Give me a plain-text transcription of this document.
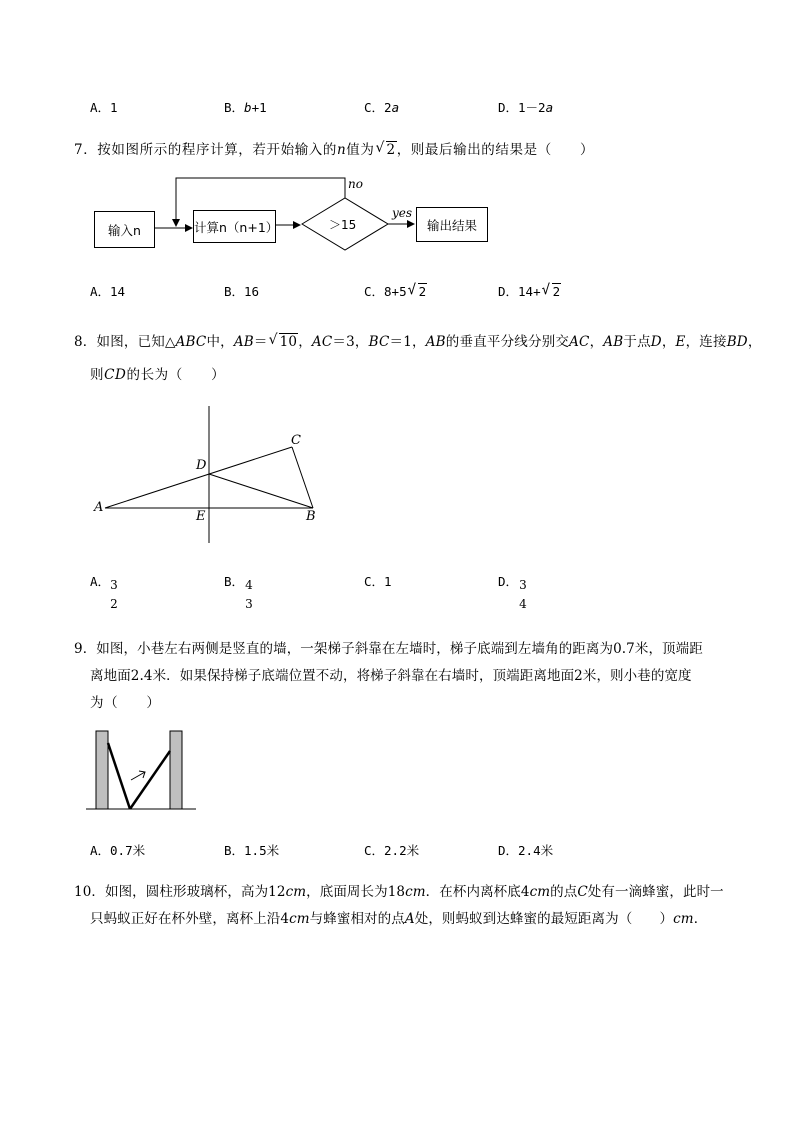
A．1	B．b+1	C．2a	D．1－2a
7．按如图所示的程序计算，若开始输入的n值为 √ 2，则最后输出的结果是（　　）
输入n	计算n（n+1）	＞15	输出结果
no
yes
A．14	B．16	C．8+5 √ 2	D．14+ √ 2
8．如图，已知△ABC中，AB＝ √ 10，AC＝3，BC＝1，AB的垂直平分线分别交AC，AB于点D，E，连接BD，
则CD的长为（　　）
A
B
C
D
E
A． 3
2
B． 4
3
C．1	D． 3
4
9．如图，小巷左右两侧是竖直的墙，一架梯子斜靠在左墙时，梯子底端到左墙角的距离为0.7米，顶端距
离地面2.4米．如果保持梯子底端位置不动，将梯子斜靠在右墙时，顶端距离地面2米，则小巷的宽度
为（　　）
A．0.7米	B．1.5米	C．2.2米	D．2.4米
10．如图，圆柱形玻璃杯，高为12cm，底面周长为18cm．在杯内离杯底4cm的点C处有一滴蜂蜜，此时一
只蚂蚁正好在杯外壁，离杯上沿4cm与蜂蜜相对的点A处，则蚂蚁到达蜂蜜的最短距离为（　　）cm．
